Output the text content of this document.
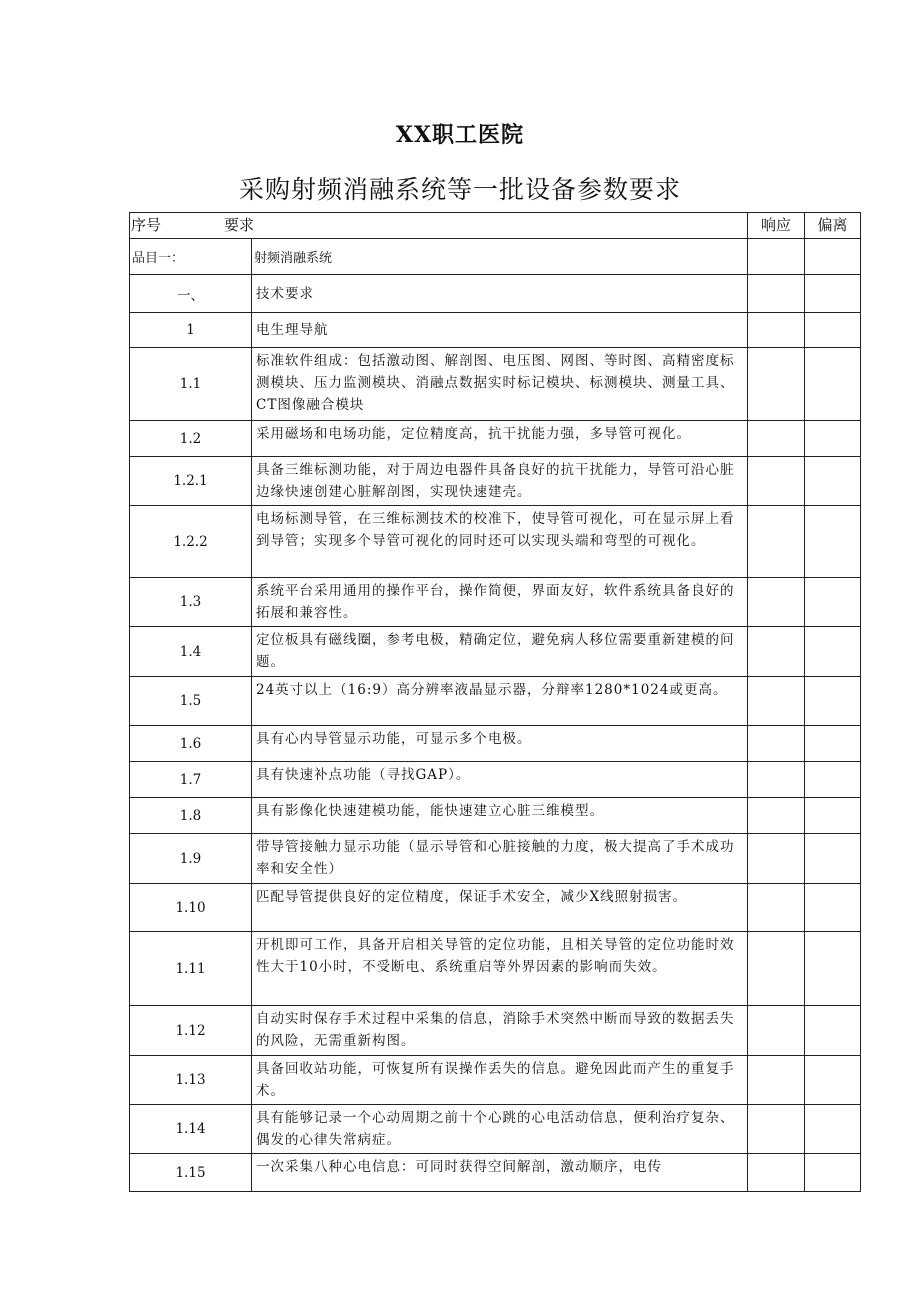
XX职工医院
采购射频消融系统等一批设备参数要求
序号 要求		响应	偏离
品目一：	射频消融系统		
一、	技术要求		
1	电生理导航		
1.1	标准软件组成：包括激动图、解剖图、电压图、网图、等时图、高精密度标测模块、压力监测模块、消融点数据实时标记模块、标测模块、测量工具、CT图像融合模块		
1.2	采用磁场和电场功能，定位精度高，抗干扰能力强，多导管可视化。		
1.2.1	具备三维标测功能，对于周边电器件具备良好的抗干扰能力，导管可沿心脏边缘快速创建心脏解剖图，实现快速建壳。		
1.2.2	电场标测导管，在三维标测技术的校准下，使导管可视化，可在显示屏上看到导管；实现多个导管可视化的同时还可以实现头端和弯型的可视化。		
1.3	系统平台采用通用的操作平台，操作简便，界面友好，软件系统具备良好的拓展和兼容性。		
1.4	定位板具有磁线圈，参考电极，精确定位，避免病人移位需要重新建模的问题。		
1.5	24英寸以上（16:9）高分辨率液晶显示器，分辩率1280*1024或更高。		
1.6	具有心内导管显示功能，可显示多个电极。		
1.7	具有快速补点功能（寻找GAP）。		
1.8	具有影像化快速建模功能，能快速建立心脏三维模型。		
1.9	带导管接触力显示功能（显示导管和心脏接触的力度，极大提高了手术成功率和安全性）		
1.10	匹配导管提供良好的定位精度，保证手术安全，减少X线照射损害。		
1.11	开机即可工作，具备开启相关导管的定位功能，且相关导管的定位功能时效性大于10小时，不受断电、系统重启等外界因素的影响而失效。		
1.12	自动实时保存手术过程中采集的信息，消除手术突然中断而导致的数据丢失的风险，无需重新构图。		
1.13	具备回收站功能，可恢复所有误操作丢失的信息。避免因此而产生的重复手术。		
1.14	具有能够记录一个心动周期之前十个心跳的心电活动信息，便利治疗复杂、偶发的心律失常病症。		
1.15	一次采集八种心电信息：可同时获得空间解剖，激动顺序，电传		
